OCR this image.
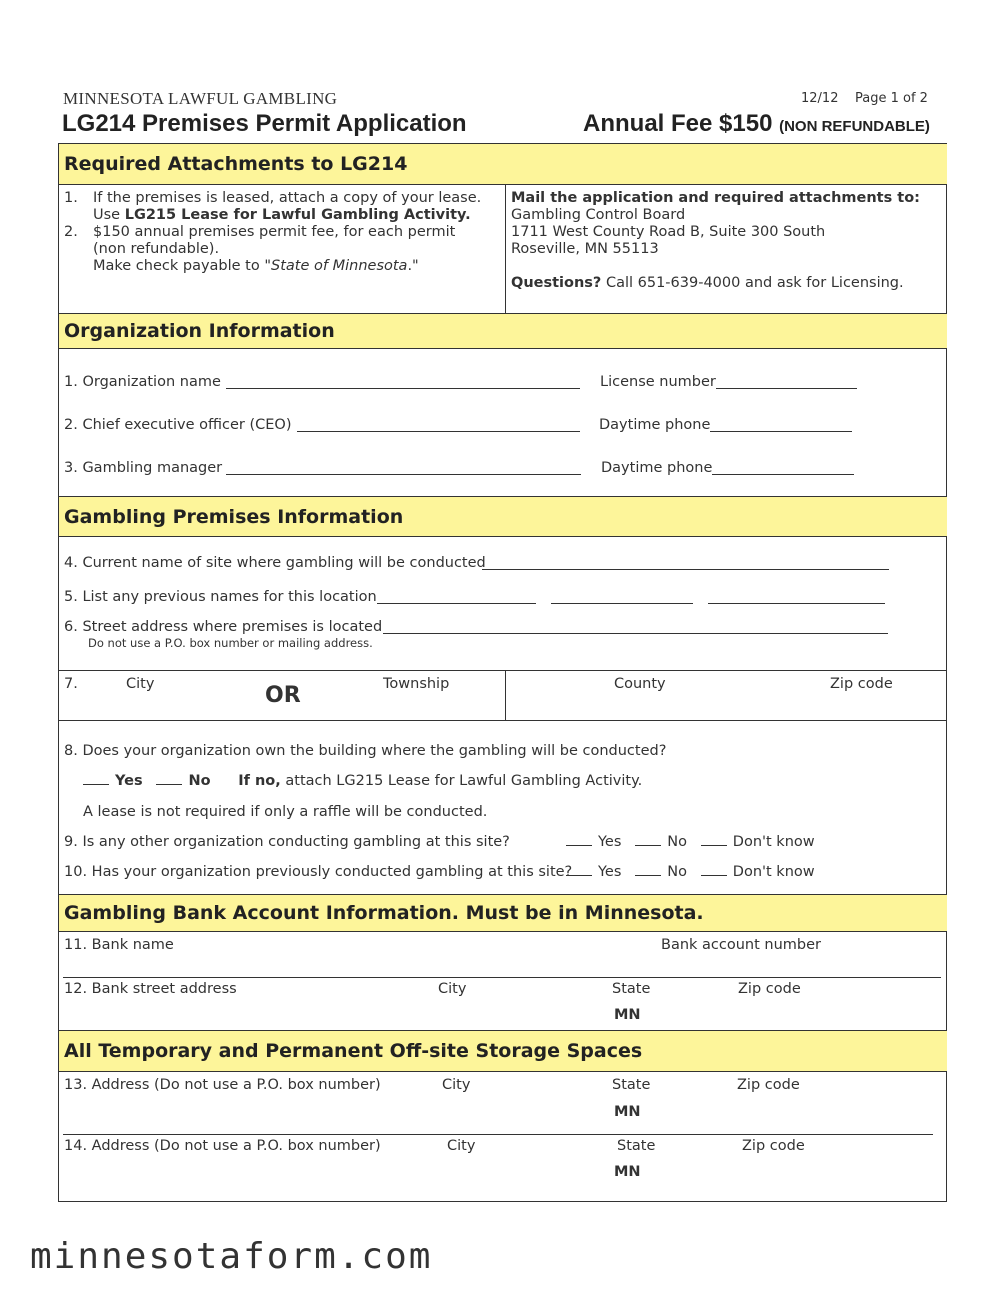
MINNESOTA LAWFUL GAMBLING	12/12    Page 1 of 2
LG214 Premises Permit Application	Annual Fee $150 (NON REFUNDABLE)
Required Attachments to LG214
1. If the premises is leased, attach a copy of your lease.
Use LG215 Lease for Lawful Gambling Activity.
2. $150 annual premises permit fee, for each permit
(non refundable).
Make check payable to "State of Minnesota."
Mail the application and required attachments to:
Gambling Control Board
1711 West County Road B, Suite 300 South
Roseville, MN 55113
Questions? Call 651-639-4000 and ask for Licensing.
Organization Information
1. Organization name	License number
2. Chief executive officer (CEO)	Daytime phone
3. Gambling manager	Daytime phone
Gambling Premises Information
4. Current name of site where gambling will be conducted
5. List any previous names for this location
6. Street address where premises is located
Do not use a P.O. box number or mailing address.
7.	City	OR	Township	County	Zip code
8. Does your organization own the building where the gambling will be conducted?
Yes	No If no, attach LG215 Lease for Lawful Gambling Activity.
A lease is not required if only a raffle will be conducted.
9. Is any other organization conducting gambling at this site?	Yes	No	Don't know
10. Has your organization previously conducted gambling at this site?	Yes	No	Don't know
Gambling Bank Account Information. Must be in Minnesota.
11. Bank name	Bank account number
12. Bank street address	City	State	Zip code
MN
All Temporary and Permanent Off-site Storage Spaces
13. Address (Do not use a P.O. box number)	City	State	Zip code
MN
14. Address (Do not use a P.O. box number)	City	State	Zip code
MN
minnesotaform.com
